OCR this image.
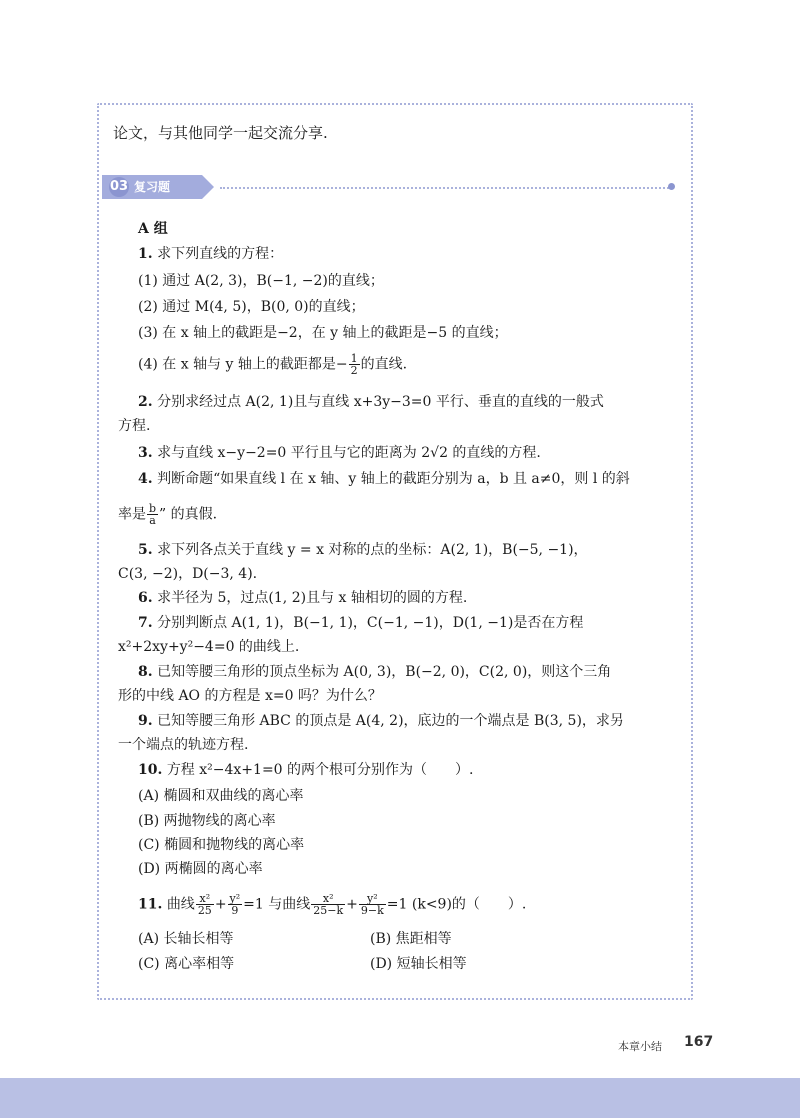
论文，与其他同学一起交流分享.
03 复习题
A 组
1. 求下列直线的方程：
(1) 通过 A(2, 3)，B(−1, −2)的直线；
(2) 通过 M(4, 5)，B(0, 0)的直线；
(3) 在 x 轴上的截距是−2，在 y 轴上的截距是−5 的直线；
(4) 在 x 轴与 y 轴上的截距都是− $\frac{1}{2}$ 的直线.
2. 分别求经过点 A(2, 1)且与直线 x+3y−3=0 平行、垂直的直线的一般式
方程.
3. 求与直线 x−y−2=0 平行且与它的距离为 2√2 的直线的方程.
4. 判断命题“如果直线 l 在 x 轴、y 轴上的截距分别为 a，b 且 a≠0，则 l 的斜
率是 $\frac{b}{a}$ ” 的真假.
5. 求下列各点关于直线 y = x 对称的点的坐标：A(2, 1)，B(−5, −1)，
C(3, −2)，D(−3, 4).
6. 求半径为 5，过点(1, 2)且与 x 轴相切的圆的方程.
7. 分别判断点 A(1, 1)，B(−1, 1)，C(−1, −1)，D(1, −1)是否在方程
x²+2xy+y²−4=0 的曲线上.
8. 已知等腰三角形的顶点坐标为 A(0, 3)，B(−2, 0)，C(2, 0)，则这个三角
形的中线 AO 的方程是 x=0 吗？为什么？
9. 已知等腰三角形 ABC 的顶点是 A(4, 2)，底边的一个端点是 B(3, 5)，求另
一个端点的轨迹方程.
10. 方程 x²−4x+1=0 的两个根可分别作为（　　）.
(A) 椭圆和双曲线的离心率
(B) 两抛物线的离心率
(C) 椭圆和抛物线的离心率
(D) 两椭圆的离心率
11. 曲线 $\frac{\text{x²}}{25} + \frac{\text{y²}}{9} =1$ 与曲线 $\frac{\text{x²}}{25-k} + \frac{\text{y²}}{9-k} =1$ (k<9)的（　　）.
(A) 长轴长相等	(B) 焦距相等
(C) 离心率相等	(D) 短轴长相等
本章小结 167
